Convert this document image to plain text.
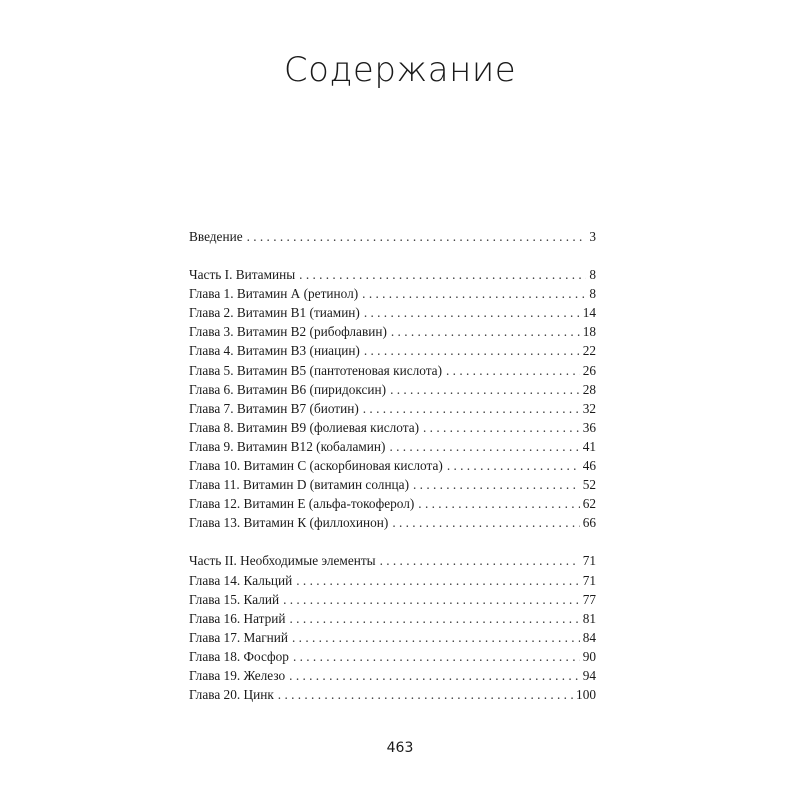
Содержание
Введение . . .	3
Часть I. Витамины . . .	8
Глава 1. Витамин А (ретинол) . . .	8
Глава 2. Витамин В1 (тиамин) . . .	14
Глава 3. Витамин В2 (рибофлавин) . . .	18
Глава 4. Витамин В3 (ниацин) . . .	22
Глава 5. Витамин В5 (пантотеновая кислота) . . .	26
Глава 6. Витамин В6 (пиридоксин) . . .	28
Глава 7. Витамин В7 (биотин) . . .	32
Глава 8. Витамин В9 (фолиевая кислота) . . .	36
Глава 9. Витамин В12 (кобаламин) . . .	41
Глава 10. Витамин С (аскорбиновая кислота) . . .	46
Глава 11. Витамин D (витамин солнца) . . .	52
Глава 12. Витамин Е (альфа-токоферол) . . .	62
Глава 13. Витамин К (филлохинон) . . .	66
Часть II. Необходимые элементы . . .	71
Глава 14. Кальций . . .	71
Глава 15. Калий . . .	77
Глава 16. Натрий . . .	81
Глава 17. Магний . . .	84
Глава 18. Фосфор . . .	90
Глава 19. Железо . . .	94
Глава 20. Цинк . . .	100
463
